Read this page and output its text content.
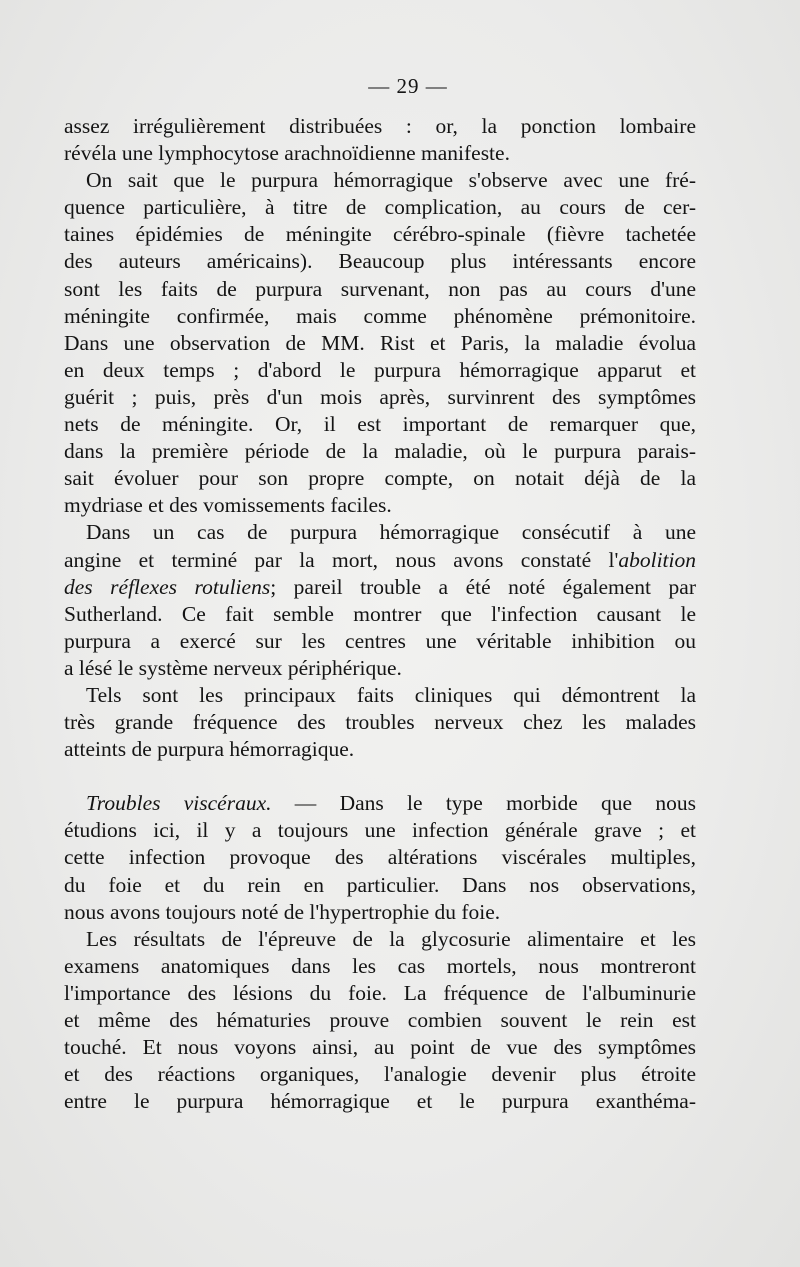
— 29 —
assez irrégulièrement distribuées : or, la ponction lombaire
révéla une lymphocytose arachnoïdienne manifeste.
On sait que le purpura hémorragique s'observe avec une fré-
quence particulière, à titre de complication, au cours de cer-
taines épidémies de méningite cérébro-spinale (fièvre tachetée
des auteurs américains). Beaucoup plus intéressants encore
sont les faits de purpura survenant, non pas au cours d'une
méningite confirmée, mais comme phénomène prémonitoire.
Dans une observation de MM. Rist et Paris, la maladie évolua
en deux temps ; d'abord le purpura hémorragique apparut et
guérit ; puis, près d'un mois après, survinrent des symptômes
nets de méningite. Or, il est important de remarquer que,
dans la première période de la maladie, où le purpura parais-
sait évoluer pour son propre compte, on notait déjà de la
mydriase et des vomissements faciles.
Dans un cas de purpura hémorragique consécutif à une
angine et terminé par la mort, nous avons constaté l'abolition
des réflexes rotuliens; pareil trouble a été noté également par
Sutherland. Ce fait semble montrer que l'infection causant le
purpura a exercé sur les centres une véritable inhibition ou
a lésé le système nerveux périphérique.
Tels sont les principaux faits cliniques qui démontrent la
très grande fréquence des troubles nerveux chez les malades
atteints de purpura hémorragique.
Troubles viscéraux. — Dans le type morbide que nous
étudions ici, il y a toujours une infection générale grave ; et
cette infection provoque des altérations viscérales multiples,
du foie et du rein en particulier. Dans nos observations,
nous avons toujours noté de l'hypertrophie du foie.
Les résultats de l'épreuve de la glycosurie alimentaire et les
examens anatomiques dans les cas mortels, nous montreront
l'importance des lésions du foie. La fréquence de l'albuminurie
et même des hématuries prouve combien souvent le rein est
touché. Et nous voyons ainsi, au point de vue des symptômes
et des réactions organiques, l'analogie devenir plus étroite
entre le purpura hémorragique et le purpura exanthéma-
